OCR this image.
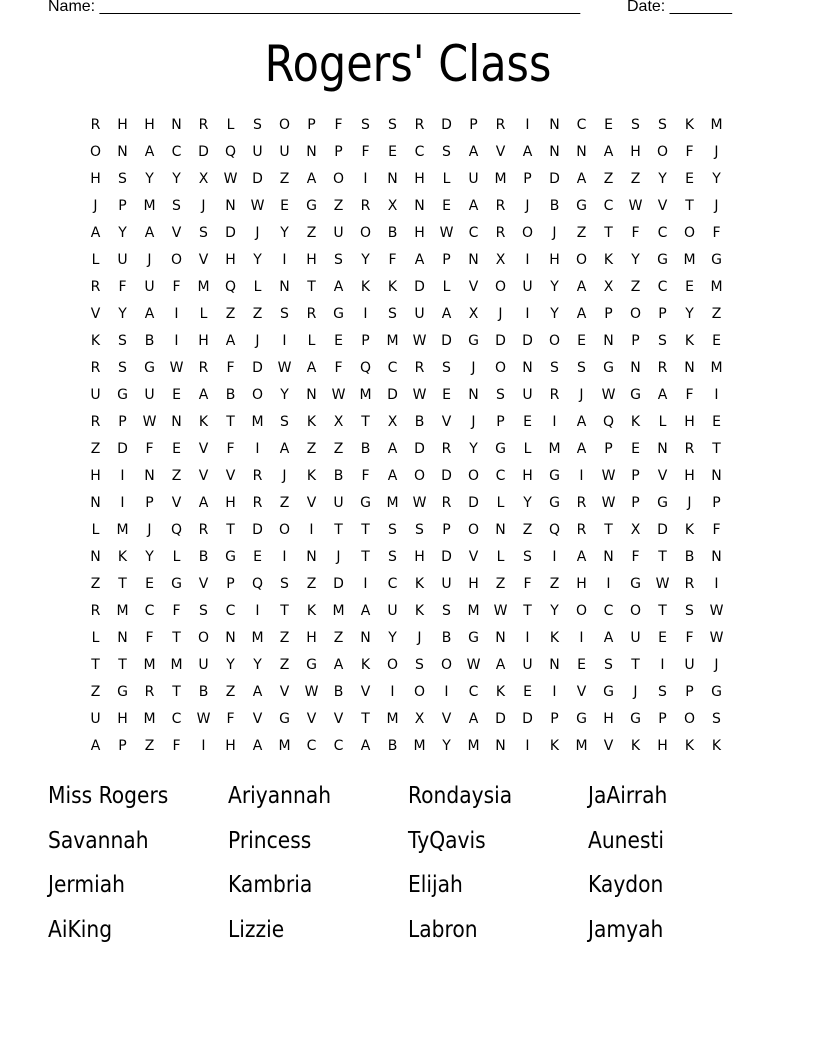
Name: ______________________________________________________	Date: _______
Rogers' Class
R	H	H	N	R	L	S	O	P	F	S	S	R	D	P	R	I	N	C	E	S	S	K	M
O	N	A	C	D	Q	U	U	N	P	F	E	C	S	A	V	A	N	N	A	H	O	F	J
H	S	Y	Y	X	W	D	Z	A	O	I	N	H	L	U	M	P	D	A	Z	Z	Y	E	Y
J	P	M	S	J	N	W	E	G	Z	R	X	N	E	A	R	J	B	G	C	W	V	T	J
A	Y	A	V	S	D	J	Y	Z	U	O	B	H	W	C	R	O	J	Z	T	F	C	O	F
L	U	J	O	V	H	Y	I	H	S	Y	F	A	P	N	X	I	H	O	K	Y	G	M	G
R	F	U	F	M	Q	L	N	T	A	K	K	D	L	V	O	U	Y	A	X	Z	C	E	M
V	Y	A	I	L	Z	Z	S	R	G	I	S	U	A	X	J	I	Y	A	P	O	P	Y	Z
K	S	B	I	H	A	J	I	L	E	P	M	W	D	G	D	D	O	E	N	P	S	K	E
R	S	G	W	R	F	D	W	A	F	Q	C	R	S	J	O	N	S	S	G	N	R	N	M
U	G	U	E	A	B	O	Y	N	W	M	D	W	E	N	S	U	R	J	W	G	A	F	I
R	P	W	N	K	T	M	S	K	X	T	X	B	V	J	P	E	I	A	Q	K	L	H	E
Z	D	F	E	V	F	I	A	Z	Z	B	A	D	R	Y	G	L	M	A	P	E	N	R	T
H	I	N	Z	V	V	R	J	K	B	F	A	O	D	O	C	H	G	I	W	P	V	H	N
N	I	P	V	A	H	R	Z	V	U	G	M	W	R	D	L	Y	G	R	W	P	G	J	P
L	M	J	Q	R	T	D	O	I	T	T	S	S	P	O	N	Z	Q	R	T	X	D	K	F
N	K	Y	L	B	G	E	I	N	J	T	S	H	D	V	L	S	I	A	N	F	T	B	N
Z	T	E	G	V	P	Q	S	Z	D	I	C	K	U	H	Z	F	Z	H	I	G	W	R	I
R	M	C	F	S	C	I	T	K	M	A	U	K	S	M	W	T	Y	O	C	O	T	S	W
L	N	F	T	O	N	M	Z	H	Z	N	Y	J	B	G	N	I	K	I	A	U	E	F	W
T	T	M	M	U	Y	Y	Z	G	A	K	O	S	O	W	A	U	N	E	S	T	I	U	J
Z	G	R	T	B	Z	A	V	W	B	V	I	O	I	C	K	E	I	V	G	J	S	P	G
U	H	M	C	W	F	V	G	V	V	T	M	X	V	A	D	D	P	G	H	G	P	O	S
A	P	Z	F	I	H	A	M	C	C	A	B	M	Y	M	N	I	K	M	V	K	H	K	K
Miss Rogers	Ariyannah	Rondaysia	JaAirrah
Savannah	Princess	TyQavis	Aunesti
Jermiah	Kambria	Elijah	Kaydon
AiKing	Lizzie	Labron	Jamyah
